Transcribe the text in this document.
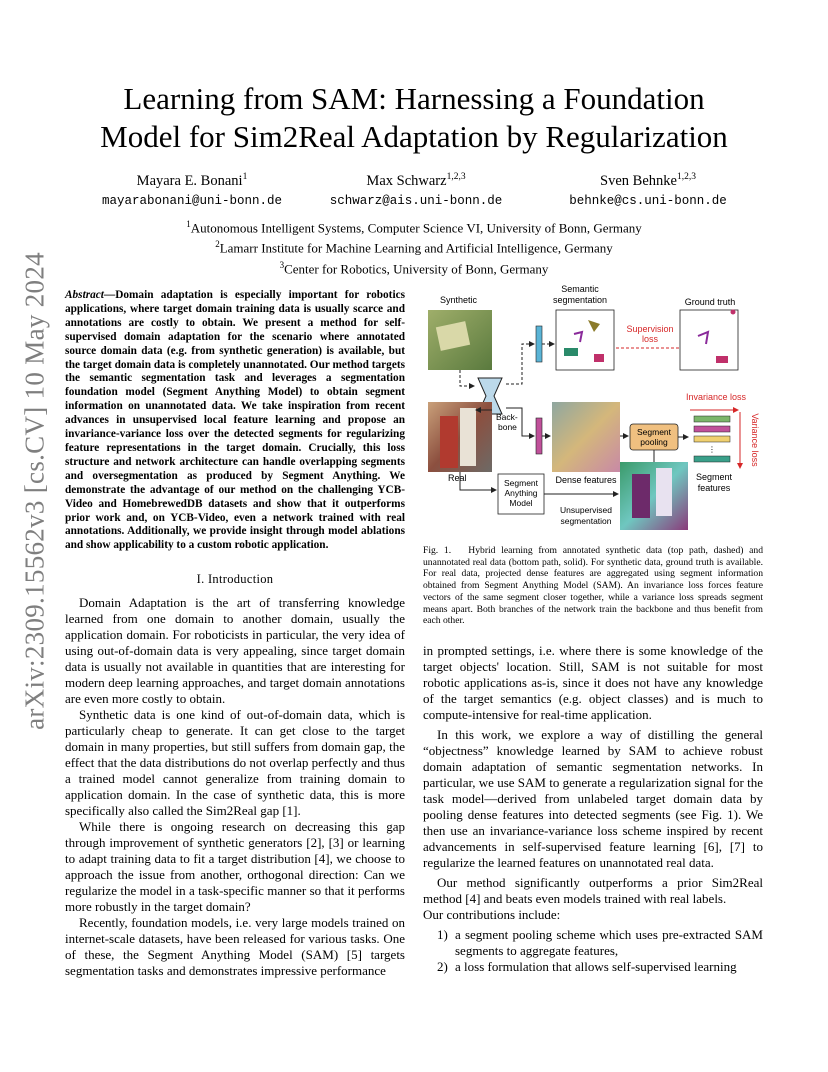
Learning from SAM: Harnessing a Foundation
Model for Sim2Real Adaptation by Regularization
Mayara E. Bonani$^1$
mayarabonani@uni-bonn.de
Max Schwarz$^{1,2,3}$
schwarz@ais.uni-bonn.de
Sven Behnke$^{1,2,3}$
behnke@cs.uni-bonn.de
$^1$Autonomous Intelligent Systems, Computer Science VI, University of Bonn, Germany
$^2$Lamarr Institute for Machine Learning and Artificial Intelligence, Germany
$^3$Center for Robotics, University of Bonn, Germany
arXiv:2309.15562v3 [cs.CV] 10 May 2024 Abstract—Domain adaptation is especially important for robotics applications, where target domain training data is usually scarce and annotations are costly to obtain. We present a method for self-supervised domain adaptation for the scenario where annotated source domain data (e.g. from synthetic generation) is available, but the target domain data is completely unannotated. Our method targets the semantic segmentation task and leverages a segmentation foundation model (Segment Anything Model) to obtain segment information on unannotated data. We take inspiration from recent advances in unsupervised local feature learning and propose an invariance-variance loss over the detected segments for regularizing feature representations in the target domain. Crucially, this loss structure and network architecture can handle overlapping segments and oversegmentation as produced by Segment Anything. We demonstrate the advantage of our method on the challenging YCB-Video and HomebrewedDB datasets and show that it outperforms prior work and, on YCB-Video, even a network trained with real annotations. Additionally, we provide insight through model ablations and show applicability to a custom robotic application.
I. Introduction

Domain Adaptation is the art of transferring knowledge learned from one domain to another domain, usually the application domain. For roboticists in particular, the very idea of using out-of-domain data is very appealing, since target domain data is usually not available in quantities that are interesting for modern deep learning approaches, and target domain annotations are even more costly to obtain.

Synthetic data is one kind of out-of-domain data, which is particularly cheap to generate. It can get close to the target domain in many properties, but still suffers from domain gap, the effect that the data distributions do not overlap perfectly and thus a trained model cannot generalize from training domain to application domain. In the case of synthetic data, this is more specifically also called the Sim2Real gap [1].

While there is ongoing research on decreasing this gap through improvement of synthetic generators [2], [3] or learning to adapt training data to fit a target distribution [4], we choose to approach the issue from another, orthogonal direction: Can we regularize the model in a task-specific manner so that it performs more robustly in the target domain?

Recently, foundation models, i.e. very large models trained on internet-scale datasets, have been released for various tasks. One of these, the Segment Anything Model (SAM) [5] targets segmentation tasks and demonstrates impressive performance

Synthetic
Semantic
segmentation	Ground truth
Back-
bone
Supervision
loss
Real	Dense features
Segment
pooling
Invariance loss
⋮
Segment
features
Variance loss
Segment
Anything
Model
Unsupervised
segmentation
Fig. 1. Hybrid learning from annotated synthetic data (top path, dashed) and unannotated real data (bottom path, solid). For synthetic data, ground truth is available. For real data, projected dense features are aggregated using segment information obtained from Segment Anything Model (SAM). An invariance loss forces feature vectors of the same segment closer together, while a variance loss spreads segment means apart. Both branches of the network train the backbone and thus benefit from each other.

in prompted settings, i.e. where there is some knowledge of the target objects' location. Still, SAM is not suitable for most robotic applications as-is, since it does not have any knowledge of the target semantics (e.g. object classes) and is much to compute-intensive for real-time application.

In this work, we explore a way of distilling the general “objectness” knowledge learned by SAM to achieve robust domain adaptation of semantic segmentation networks. In particular, we use SAM to generate a regularization signal for the task model—derived from unlabeled target domain data by pooling dense features into detected segments (see Fig. 1). We then use an invariance-variance loss scheme inspired by recent advancements in self-supervised feature learning [6], [7] to regularize the learned features on unannotated real data.

Our method significantly outperforms a prior Sim2Real method [4] and beats even models trained with real labels.

Our contributions include:

1) a segment pooling scheme which uses pre-extracted SAM segments to aggregate features,
2) a loss formulation that allows self-supervised learning
